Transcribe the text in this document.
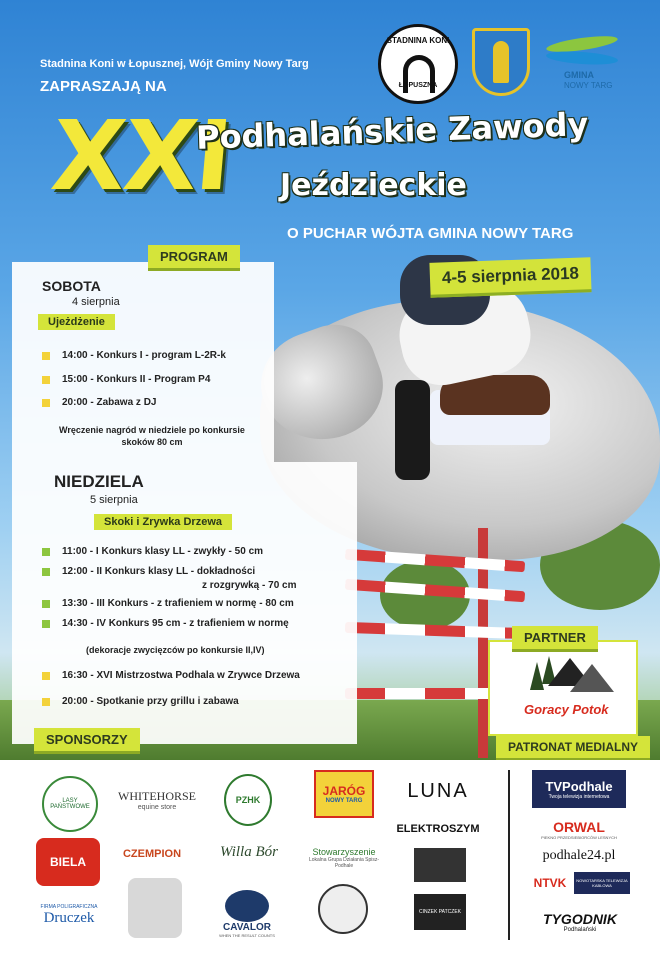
STADNINA KONI
ŁOPUSZNA
GMINA
NOWY TARG
Stadnina Koni w Łopusznej, Wójt Gminy Nowy Targ
ZAPRASZAJĄ NA
XXI
Podhalańskie Zawody
Jeździeckie
O PUCHAR WÓJTA GMINA NOWY TARG
4-5 sierpnia 2018
PROGRAM
SOBOTA
4 sierpnia
Ujeżdżenie
14:00 - Konkurs I - program L-2R-k
15:00 - Konkurs II - Program P4
20:00 - Zabawa z DJ
Wręczenie nagród w niedziele po konkursie
skoków 80 cm
NIEDZIELA
5 sierpnia
Skoki i Zrywka Drzewa
11:00 - I Konkurs klasy LL - zwykły - 50 cm
12:00 - II Konkurs klasy LL - dokładności
z rozgrywką - 70 cm
13:30 - III Konkurs - z trafieniem w normę - 80 cm
14:30 - IV Konkurs 95 cm - z trafieniem w normę
(dekoracje zwycięzców po konkursie II,IV)
16:30 - XVI Mistrzostwa Podhala w Zrywce Drzewa
20:00 - Spotkanie przy grillu i zabawa
Goracy Potok
PARTNER
SPONSORZY	PATRONAT MEDIALNY
LASY PAŃSTWOWE
WHITEHORSE
equine store
PZHK
JARÓG
NOWY TARG LUNA
ELEKTROSZYM
BIELA
CZEMPION	Willa Bór	Stowarzyszenie
Lokalna Grupa Działania Spisz-Podhale
FIRMA POLIGRAFICZNA
Druczek
CAVALOR
WHEN THE RESULT COUNTS
CINZEK PATCZEK
TVPodhale
Twoja telewizja internetowa
ORWAL
PIEKNO PRZEDSIEBIORCÓW LESNYCH
podhale24.pl
NTVK	NOWOTARSKA TELEWIZJA KABLOWA
TYGODNIK
Podhalański
